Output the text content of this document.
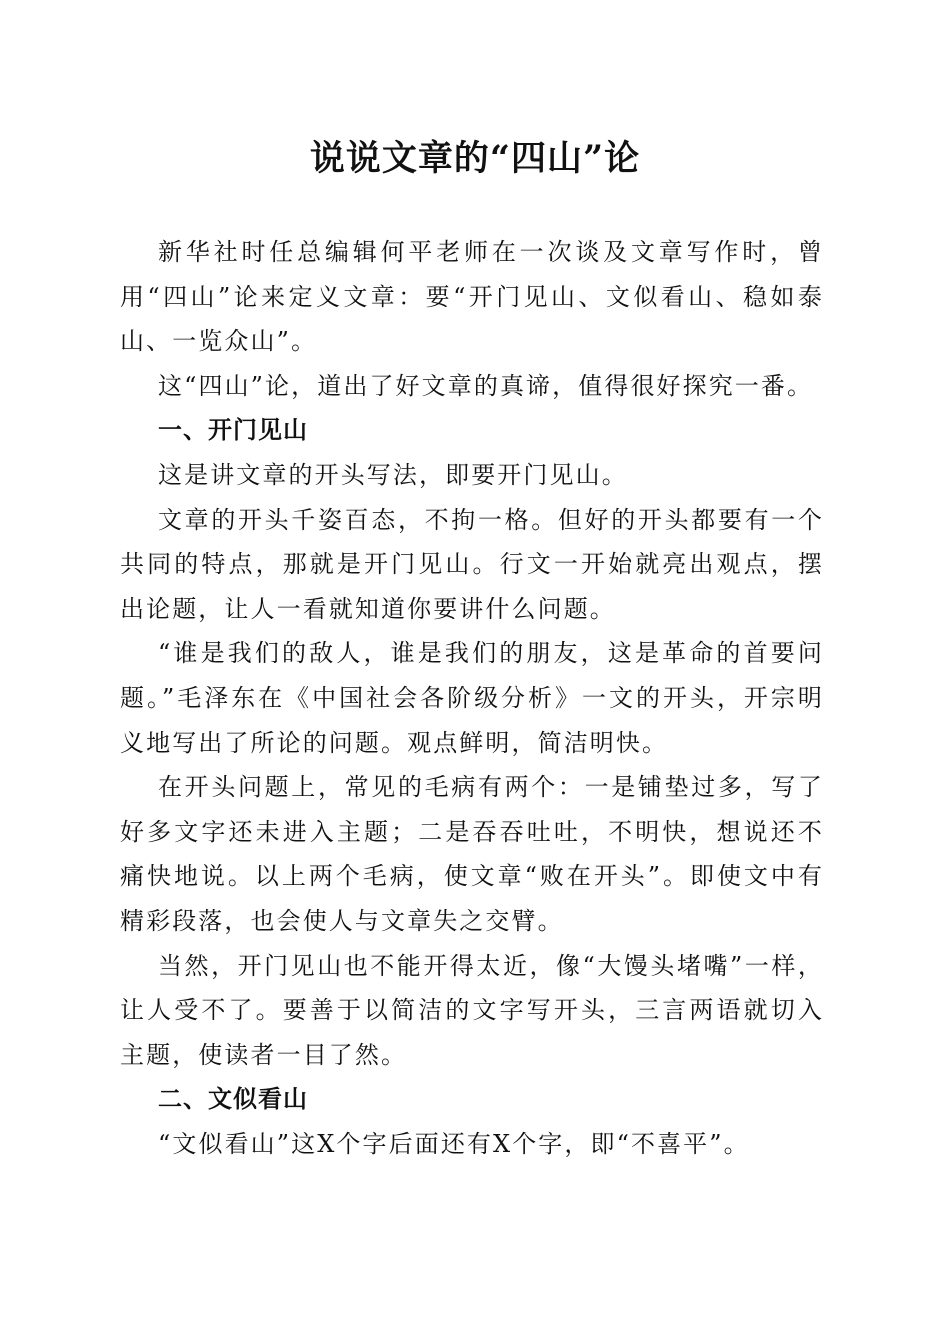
说说文章的“四山”论

新华社时任总编辑何平老师在一次谈及文章写作时，曾用“四山”论来定义文章：要“开门见山、文似看山、稳如泰山、一览众山”。

这“四山”论，道出了好文章的真谛，值得很好探究一番。

一、开门见山

这是讲文章的开头写法，即要开门见山。

文章的开头千姿百态，不拘一格。但好的开头都要有一个共同的特点，那就是开门见山。行文一开始就亮出观点，摆出论题，让人一看就知道你要讲什么问题。

“谁是我们的敌人，谁是我们的朋友，这是革命的首要问题。”毛泽东在《中国社会各阶级分析》一文的开头，开宗明义地写出了所论的问题。观点鲜明，简洁明快。

在开头问题上，常见的毛病有两个：一是铺垫过多，写了好多文字还未进入主题；二是吞吞吐吐，不明快，想说还不痛快地说。以上两个毛病，使文章“败在开头”。即使文中有精彩段落，也会使人与文章失之交臂。

当然，开门见山也不能开得太近，像“大馒头堵嘴”一样，让人受不了。要善于以简洁的文字写开头，三言两语就切入主题，使读者一目了然。

二、文似看山

“文似看山”这X个字后面还有X个字，即“不喜平”。
